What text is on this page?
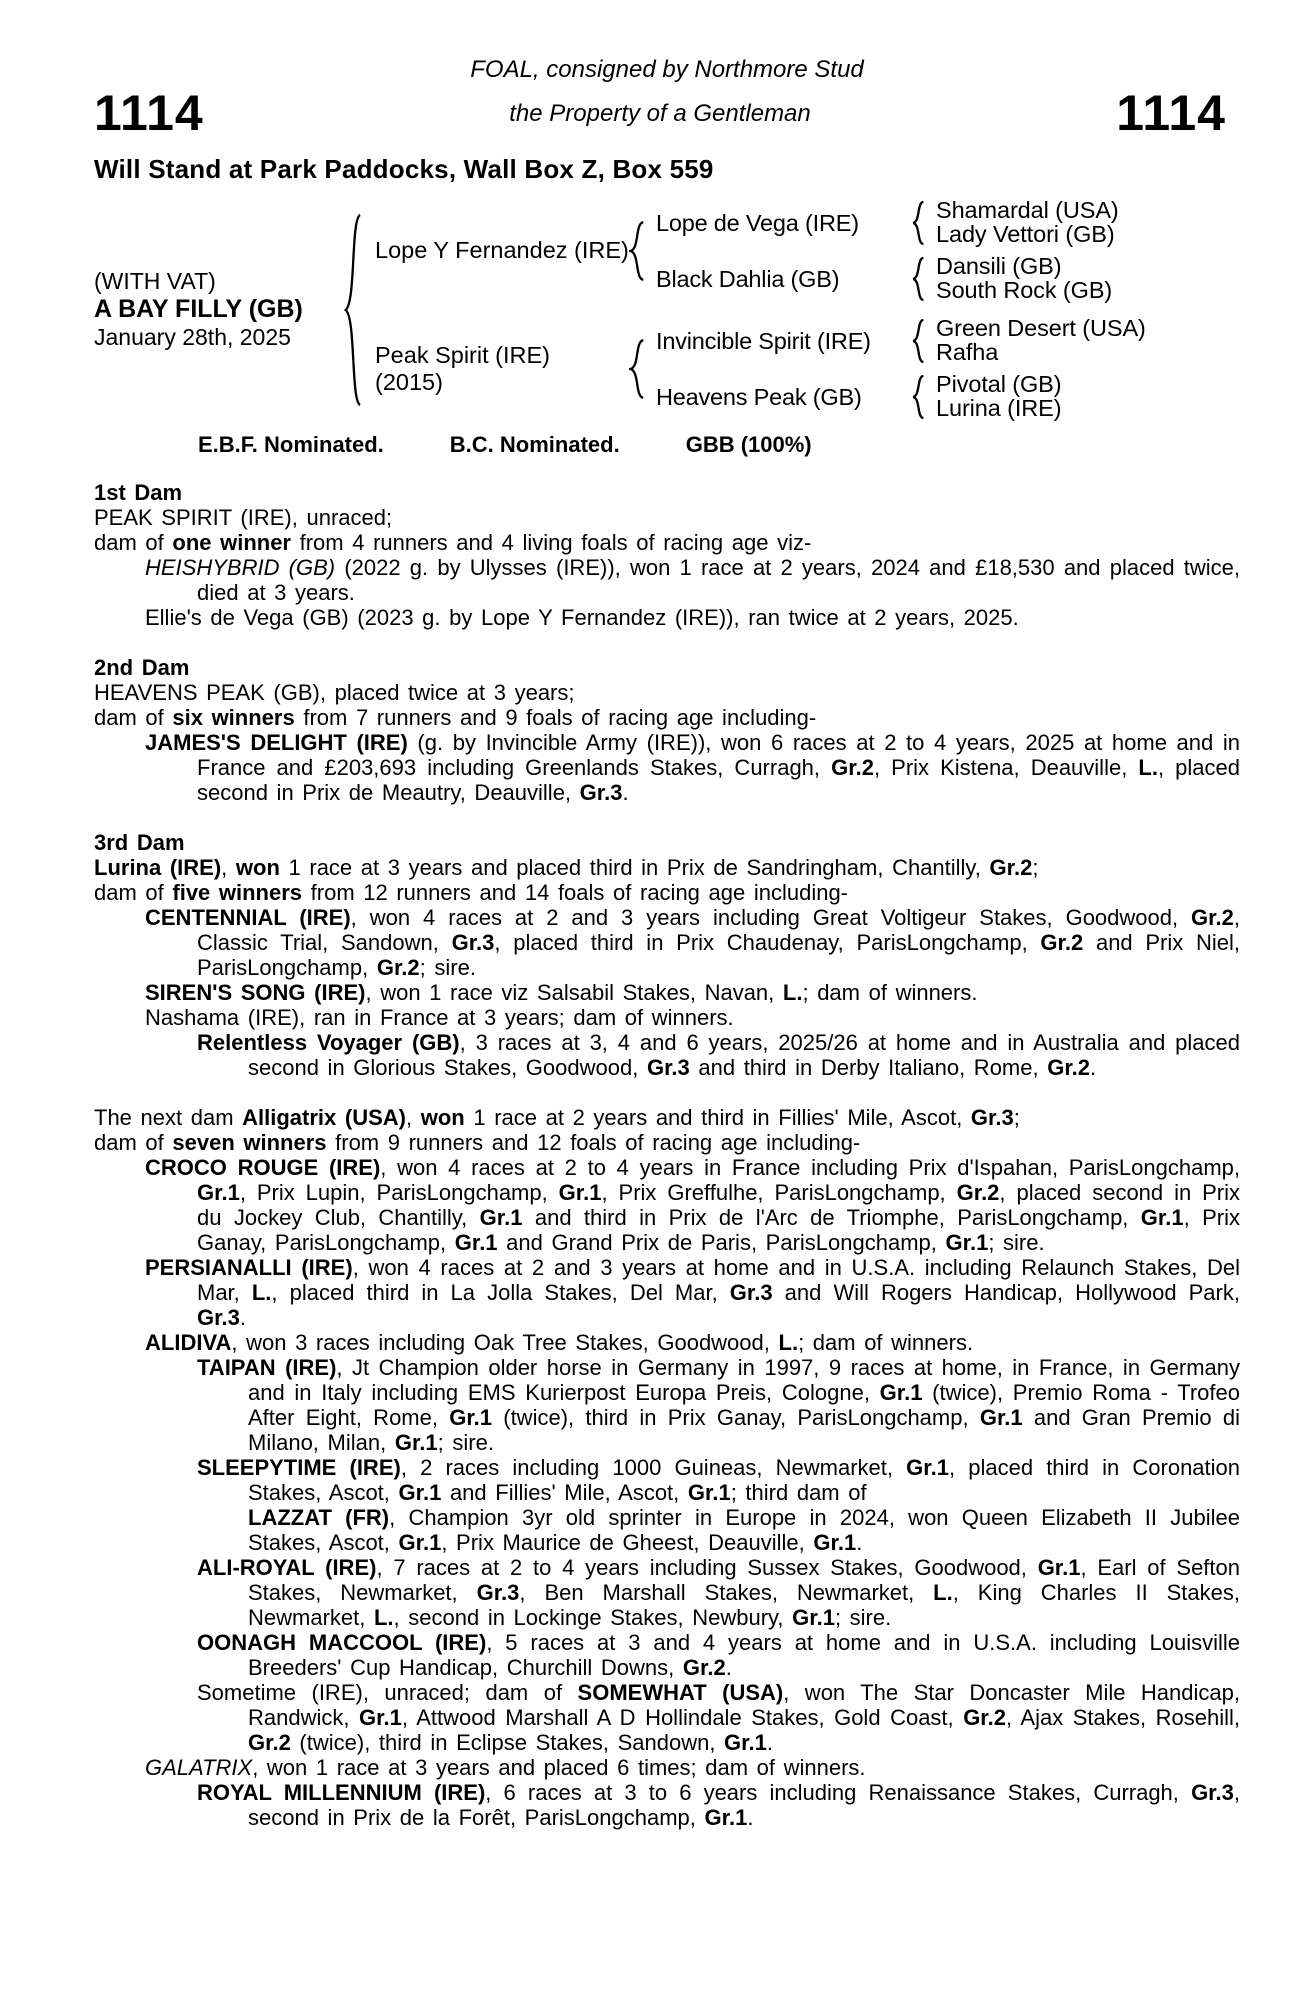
FOAL, consigned by Northmore Stud
1114	the Property of a Gentleman	1114
Will Stand at Park Paddocks, Wall Box Z, Box 559
(WITH VAT)
A BAY FILLY (GB)
January 28th, 2025
Lope Y Fernandez (IRE)
Lope de Vega (IRE)	Shamardal (USA)
Lady Vettori (GB)
Black Dahlia (GB)	Dansili (GB)
South Rock (GB)
Peak Spirit (IRE)
(2015)
Invincible Spirit (IRE)	Green Desert (USA)
Rafha
Heavens Peak (GB)	Pivotal (GB)
Lurina (IRE)
E.B.F. Nominated.	B.C. Nominated.	GBB (100%)
1st Dam

PEAK SPIRIT (IRE), unraced;

dam of one winner from 4 runners and 4 living foals of racing age viz-

HEISHYBRID (GB) (2022 g. by Ulysses (IRE)), won 1 race at 2 years, 2024 and £18,530 and placed twice, died at 3 years.

Ellie's de Vega (GB) (2023 g. by Lope Y Fernandez (IRE)), ran twice at 2 years, 2025.

2nd Dam

HEAVENS PEAK (GB), placed twice at 3 years;

dam of six winners from 7 runners and 9 foals of racing age including-

JAMES'S DELIGHT (IRE) (g. by Invincible Army (IRE)), won 6 races at 2 to 4 years, 2025 at home and in France and £203,693 including Greenlands Stakes, Curragh, Gr.2, Prix Kistena, Deauville, L., placed second in Prix de Meautry, Deauville, Gr.3.

3rd Dam

Lurina (IRE), won 1 race at 3 years and placed third in Prix de Sandringham, Chantilly, Gr.2;

dam of five winners from 12 runners and 14 foals of racing age including-

CENTENNIAL (IRE), won 4 races at 2 and 3 years including Great Voltigeur Stakes, Goodwood, Gr.2, Classic Trial, Sandown, Gr.3, placed third in Prix Chaudenay, ParisLongchamp, Gr.2 and Prix Niel, ParisLongchamp, Gr.2; sire.

SIREN'S SONG (IRE), won 1 race viz Salsabil Stakes, Navan, L.; dam of winners.

Nashama (IRE), ran in France at 3 years; dam of winners.

Relentless Voyager (GB), 3 races at 3, 4 and 6 years, 2025/26 at home and in Australia and placed second in Glorious Stakes, Goodwood, Gr.3 and third in Derby Italiano, Rome, Gr.2.

The next dam Alligatrix (USA), won 1 race at 2 years and third in Fillies' Mile, Ascot, Gr.3;

dam of seven winners from 9 runners and 12 foals of racing age including-

CROCO ROUGE (IRE), won 4 races at 2 to 4 years in France including Prix d'Ispahan, ParisLongchamp, Gr.1, Prix Lupin, ParisLongchamp, Gr.1, Prix Greffulhe, ParisLongchamp, Gr.2, placed second in Prix du Jockey Club, Chantilly, Gr.1 and third in Prix de l'Arc de Triomphe, ParisLongchamp, Gr.1, Prix Ganay, ParisLongchamp, Gr.1 and Grand Prix de Paris, ParisLongchamp, Gr.1; sire.

PERSIANALLI (IRE), won 4 races at 2 and 3 years at home and in U.S.A. including Relaunch Stakes, Del Mar, L., placed third in La Jolla Stakes, Del Mar, Gr.3 and Will Rogers Handicap, Hollywood Park, Gr.3.

ALIDIVA, won 3 races including Oak Tree Stakes, Goodwood, L.; dam of winners.

TAIPAN (IRE), Jt Champion older horse in Germany in 1997, 9 races at home, in France, in Germany and in Italy including EMS Kurierpost Europa Preis, Cologne, Gr.1 (twice), Premio Roma - Trofeo After Eight, Rome, Gr.1 (twice), third in Prix Ganay, ParisLongchamp, Gr.1 and Gran Premio di Milano, Milan, Gr.1; sire.

SLEEPYTIME (IRE), 2 races including 1000 Guineas, Newmarket, Gr.1, placed third in Coronation Stakes, Ascot, Gr.1 and Fillies' Mile, Ascot, Gr.1; third dam of

LAZZAT (FR), Champion 3yr old sprinter in Europe in 2024, won Queen Elizabeth II Jubilee Stakes, Ascot, Gr.1, Prix Maurice de Gheest, Deauville, Gr.1.

ALI-ROYAL (IRE), 7 races at 2 to 4 years including Sussex Stakes, Goodwood, Gr.1, Earl of Sefton Stakes, Newmarket, Gr.3, Ben Marshall Stakes, Newmarket, L., King Charles II Stakes, Newmarket, L., second in Lockinge Stakes, Newbury, Gr.1; sire.

OONAGH MACCOOL (IRE), 5 races at 3 and 4 years at home and in U.S.A. including Louisville Breeders' Cup Handicap, Churchill Downs, Gr.2.

Sometime (IRE), unraced; dam of SOMEWHAT (USA), won The Star Doncaster Mile Handicap, Randwick, Gr.1, Attwood Marshall A D Hollindale Stakes, Gold Coast, Gr.2, Ajax Stakes, Rosehill, Gr.2 (twice), third in Eclipse Stakes, Sandown, Gr.1.

GALATRIX, won 1 race at 3 years and placed 6 times; dam of winners.

ROYAL MILLENNIUM (IRE), 6 races at 3 to 6 years including Renaissance Stakes, Curragh, Gr.3, second in Prix de la Forêt, ParisLongchamp, Gr.1.
